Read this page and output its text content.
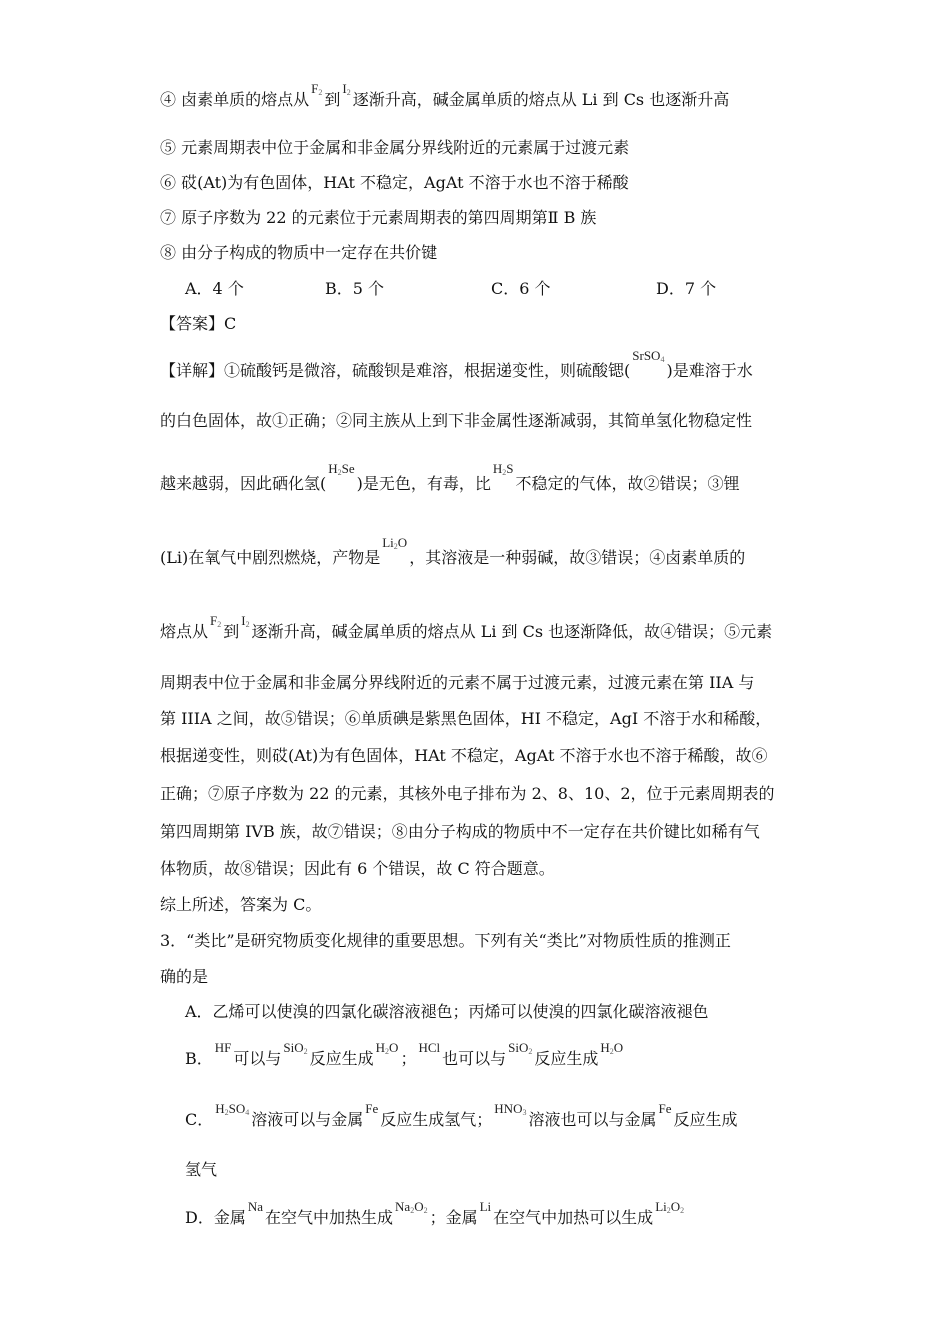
④ 卤素单质的熔点从$F_2$ 到$I_2$ 逐渐升高，碱金属单质的熔点从 Li 到 Cs 也逐渐升高
⑤ 元素周期表中位于金属和非金属分界线附近的元素属于过渡元素
⑥ 砹(At)为有色固体，HAt 不稳定，AgAt 不溶于水也不溶于稀酸
⑦ 原子序数为 22 的元素位于元素周期表的第四周期第Ⅱ B 族
⑧ 由分子构成的物质中一定存在共价键
A．4 个	B．5 个	C．6 个	D．7 个
【答案】C
【详解】①硫酸钙是微溶，硫酸钡是难溶，根据递变性，则硫酸锶(SrSO$_4$)是难溶于水
的白色固体，故①正确；②同主族从上到下非金属性逐渐减弱，其简单氢化物稳定性
越来越弱，因此硒化氢$(H_2Se)$是无色，有毒，比$H_2S$不稳定的气体，故②错误；③锂
(Li)在氧气中剧烈燃烧，产物是$Li_2O$，其溶液是一种弱碱，故③错误；④卤素单质的
熔点从$F_2$ 到$I_2$ 逐渐升高，碱金属单质的熔点从 Li 到 Cs 也逐渐降低，故④错误；⑤元素
周期表中位于金属和非金属分界线附近的元素不属于过渡元素，过渡元素在第 IIA 与
第 IIIA 之间，故⑤错误；⑥单质碘是紫黑色固体，HI 不稳定，AgI 不溶于水和稀酸，
根据递变性，则砹(At)为有色固体，HAt 不稳定，AgAt 不溶于水也不溶于稀酸，故⑥
正确；⑦原子序数为 22 的元素，其核外电子排布为 2、8、10、2，位于元素周期表的
第四周期第 IVB 族，故⑦错误；⑧由分子构成的物质中不一定存在共价键比如稀有气
体物质，故⑧错误；因此有 6 个错误，故 C 符合题意。
综上所述，答案为 C。
3．“类比”是研究物质变化规律的重要思想。下列有关“类比”对物质性质的推测正
确的是
A．乙烯可以使溴的四氯化碳溶液褪色；丙烯可以使溴的四氯化碳溶液褪色
B．HF可以与SiO$_2$ 反应生成$H_2O$；HCl也可以与SiO$_2$ 反应生成$H_2O$
C．$H_2SO_4$ 溶液可以与金属Fe反应生成氢气；$HNO_3$ 溶液也可以与金属Fe反应生成
氢气
D．金属Na在空气中加热生成$Na_2O_2$ ；金属Li在空气中加热可以生成$Li_2O_2$
